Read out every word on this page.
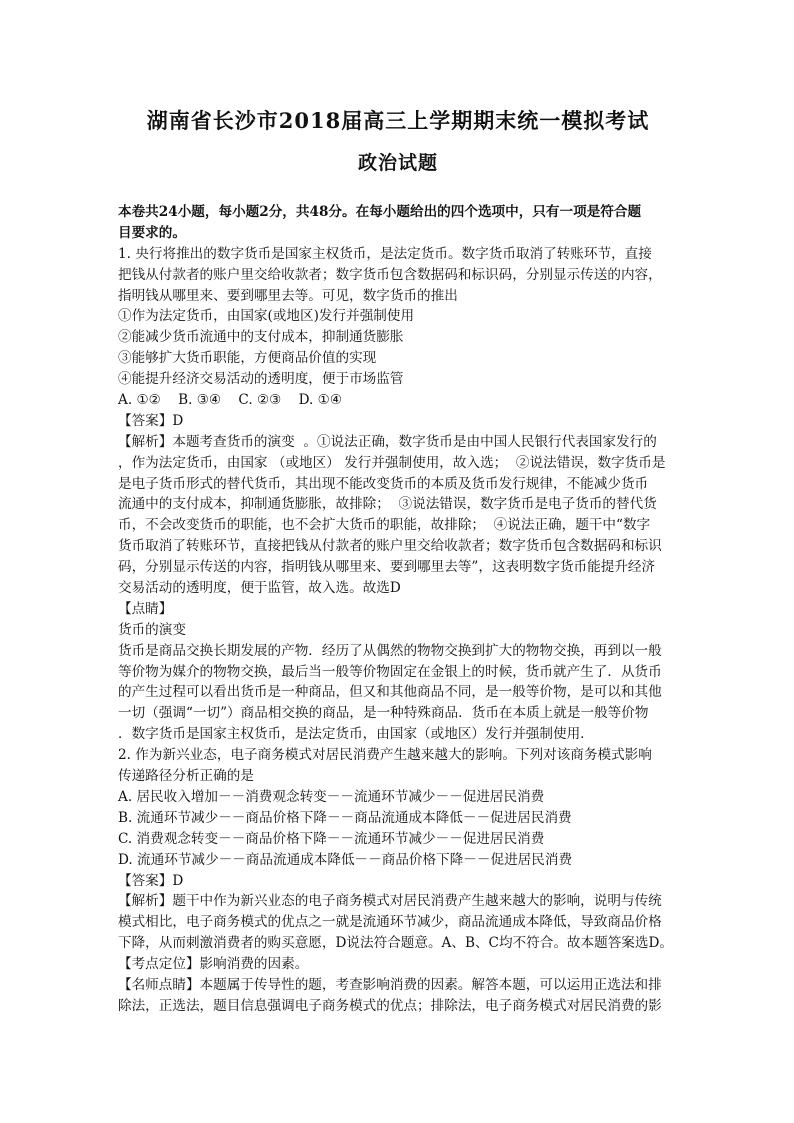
湖南省长沙市2018届高三上学期期末统一模拟考试
政治试题
本卷共24小题，每小题2分，共48分。在每小题给出的四个选项中，只有一项是符合题
目要求的。
1. 央行将推出的数字货币是国家主权货币，是法定货币。数字货币取消了转账环节，直接
把钱从付款者的账户里交给收款者；数字货币包含数据码和标识码，分别显示传送的内容，
指明钱从哪里来、要到哪里去等。可见，数字货币的推出
①作为法定货币，由国家(或地区)发行并强制使用
②能减少货币流通中的支付成本，抑制通货膨胀
③能够扩大货币职能，方便商品价值的实现
④能提升经济交易活动的透明度，便于市场监管
A. ①②    B. ③④    C. ②③    D. ①④
【答案】D
【解析】本题考查货币的演变  。①说法正确，数字货币是由中国人民银行代表国家发行的
，作为法定货币，由国家 （或地区） 发行并强制使用，故入选；  ②说法错误，数字货币是
是电子货币形式的替代货币，其出现不能改变货币的本质及货币发行规律，不能减少货币
流通中的支付成本，抑制通货膨胀，故排除；  ③说法错误，数字货币是电子货币的替代货
币，不会改变货币的职能，也不会扩大货币的职能，故排除；  ④说法正确，题干中“数字
货币取消了转账环节，直接把钱从付款者的账户里交给收款者；数字货币包含数据码和标识
码，分别显示传送的内容，指明钱从哪里来、要到哪里去等”，这表明数字货币能提升经济
交易活动的透明度，便于监管，故入选。故选D
【点睛】
货币的演变
货币是商品交换长期发展的产物．经历了从偶然的物物交换到扩大的物物交换，再到以一般
等价物为媒介的物物交换，最后当一般等价物固定在金银上的时候，货币就产生了．从货币
的产生过程可以看出货币是一种商品，但又和其他商品不同，是一般等价物，是可以和其他
一切（强调“一切”）商品相交换的商品，是一种特殊商品．货币在本质上就是一般等价物
．数字货币是国家主权货币，是法定货币，由国家（或地区）发行并强制使用．
2. 作为新兴业态，电子商务模式对居民消费产生越来越大的影响。下列对该商务模式影响
传递路径分析正确的是
A. 居民收入增加－－消费观念转变－－流通环节减少－－促进居民消费
B. 流通环节减少－－商品价格下降－－商品流通成本降低－－促进居民消费
C. 消费观念转变－－商品价格下降－－流通环节减少－－促进居民消费
D. 流通环节减少－－商品流通成本降低－－商品价格下降－－促进居民消费
【答案】D
【解析】题干中作为新兴业态的电子商务模式对居民消费产生越来越大的影响，说明与传统
模式相比，电子商务模式的优点之一就是流通环节减少，商品流通成本降低，导致商品价格
下降，从而刺激消费者的购买意愿，D说法符合题意。A、B、C均不符合。故本题答案选D。
【考点定位】影响消费的因素。
【名师点睛】本题属于传导性的题，考查影响消费的因素。解答本题，可以运用正选法和排
除法，正选法，题目信息强调电子商务模式的优点；排除法，电子商务模式对居民消费的影
